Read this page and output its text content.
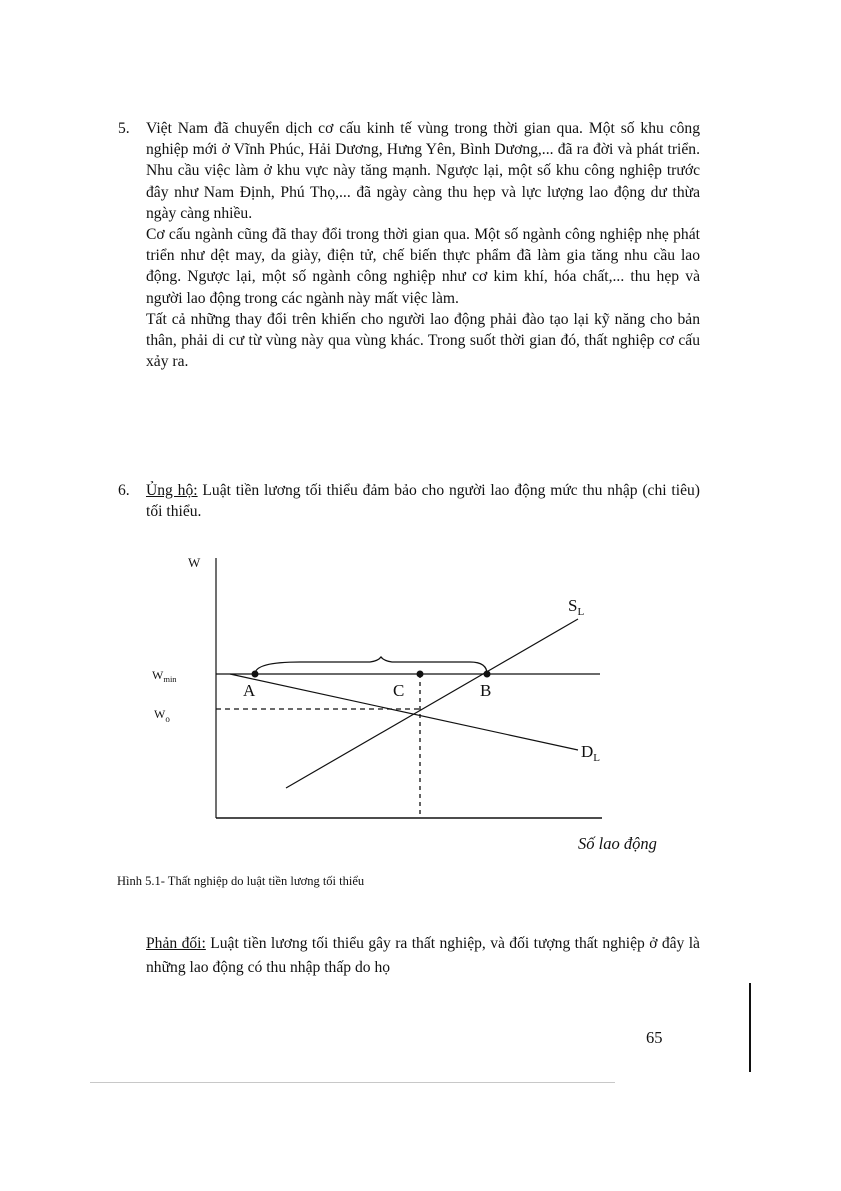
5.	Việt Nam đã chuyển dịch cơ cấu kinh tế vùng trong thời gian qua. Một số khu công nghiệp mới ở Vĩnh Phúc, Hải Dương, Hưng Yên, Bình Dương,... đã ra đời và phát triển. Nhu cầu việc làm ở khu vực này tăng mạnh. Ngược lại, một số khu công nghiệp trước đây như Nam Định, Phú Thọ,... đã ngày càng thu hẹp và lực lượng lao động dư thừa ngày càng nhiều.

Cơ cấu ngành cũng đã thay đổi trong thời gian qua. Một số ngành công nghiệp nhẹ phát triển như dệt may, da giày, điện tử, chế biến thực phẩm đã làm gia tăng nhu cầu lao động. Ngược lại, một số ngành công nghiệp như cơ kim khí, hóa chất,... thu hẹp và người lao động trong các ngành này mất việc làm.

Tất cả những thay đổi trên khiến cho người lao động phải đào tạo lại kỹ năng cho bản thân, phải di cư từ vùng này qua vùng khác. Trong suốt thời gian đó, thất nghiệp cơ cấu xảy ra.

6.	Ủng hộ: Luật tiền lương tối thiểu đảm bảo cho người lao động mức thu nhập (chi tiêu) tối thiểu.

W
$W_{min}$
$W_o$
$S_L$
$D_L$
A	C	B
Số lao động
Hình 5.1- Thất nghiệp do luật tiền lương tối thiểu

Phản đối: Luật tiền lương tối thiểu gây ra thất nghiệp, và đối tượng thất nghiệp ở đây là những lao động có thu nhập thấp do họ

65
